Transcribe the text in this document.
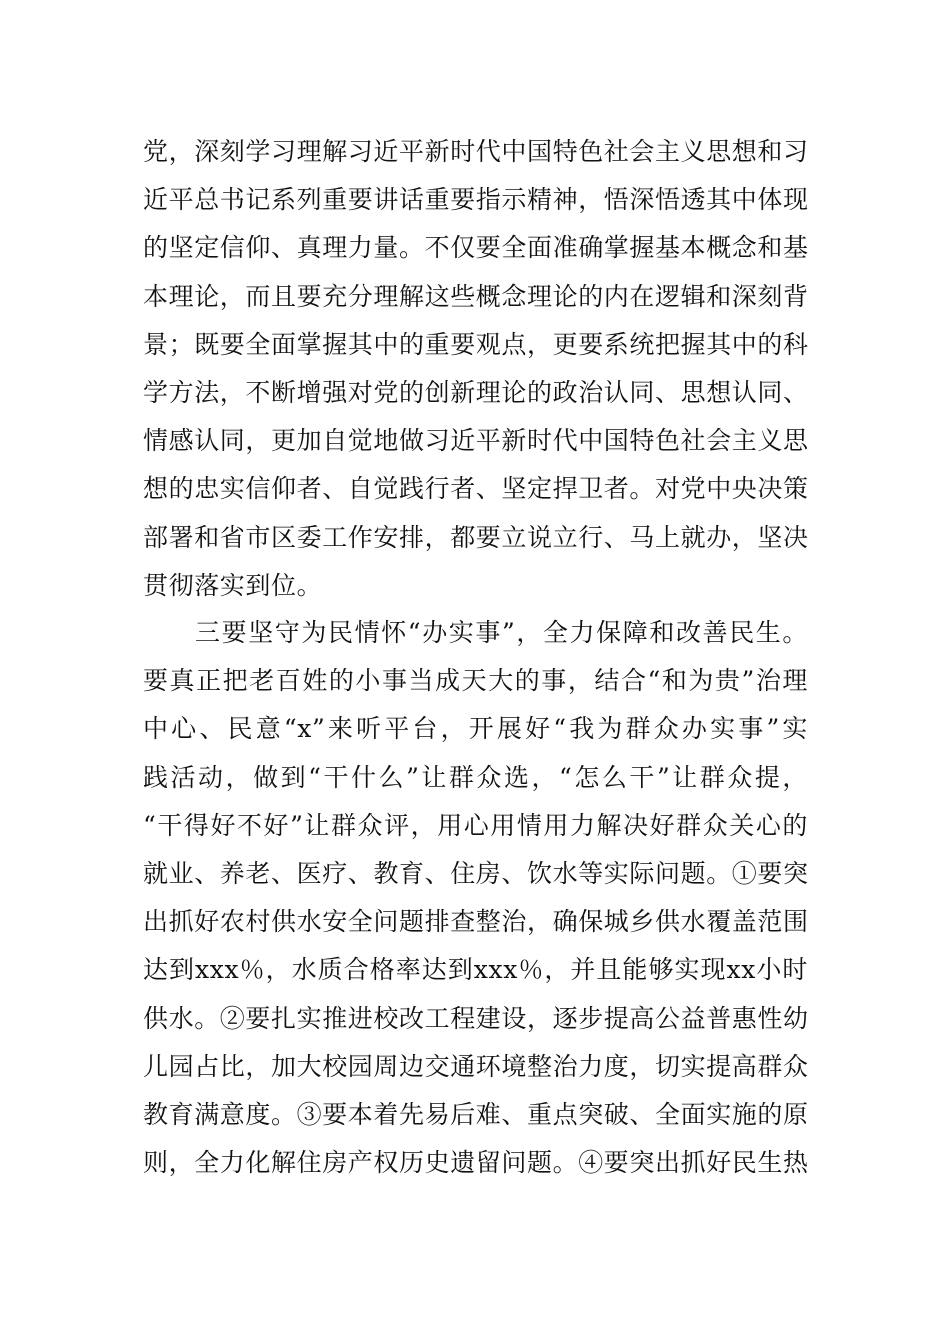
党，深刻学习理解习近平新时代中国特色社会主义思想和习
近平总书记系列重要讲话重要指示精神，悟深悟透其中体现
的坚定信仰、真理力量。不仅要全面准确掌握基本概念和基
本理论，而且要充分理解这些概念理论的内在逻辑和深刻背
景；既要全面掌握其中的重要观点，更要系统把握其中的科
学方法，不断增强对党的创新理论的政治认同、思想认同、
情感认同，更加自觉地做习近平新时代中国特色社会主义思
想的忠实信仰者、自觉践行者、坚定捍卫者。对党中央决策
部署和省市区委工作安排，都要立说立行、马上就办，坚决
贯彻落实到位。
三要坚守为民情怀“办实事”，全力保障和改善民生。
要真正把老百姓的小事当成天大的事，结合“和为贵”治理
中心、民意“x”来听平台，开展好“我为群众办实事”实
践活动，做到“干什么”让群众选，“怎么干”让群众提，
“干得好不好”让群众评，用心用情用力解决好群众关心的
就业、养老、医疗、教育、住房、饮水等实际问题。①要突
出抓好农村供水安全问题排查整治，确保城乡供水覆盖范围
达到xxx％，水质合格率达到xxx％，并且能够实现xx小时
供水。②要扎实推进校改工程建设，逐步提高公益普惠性幼
儿园占比，加大校园周边交通环境整治力度，切实提高群众
教育满意度。③要本着先易后难、重点突破、全面实施的原
则，全力化解住房产权历史遗留问题。④要突出抓好民生热
